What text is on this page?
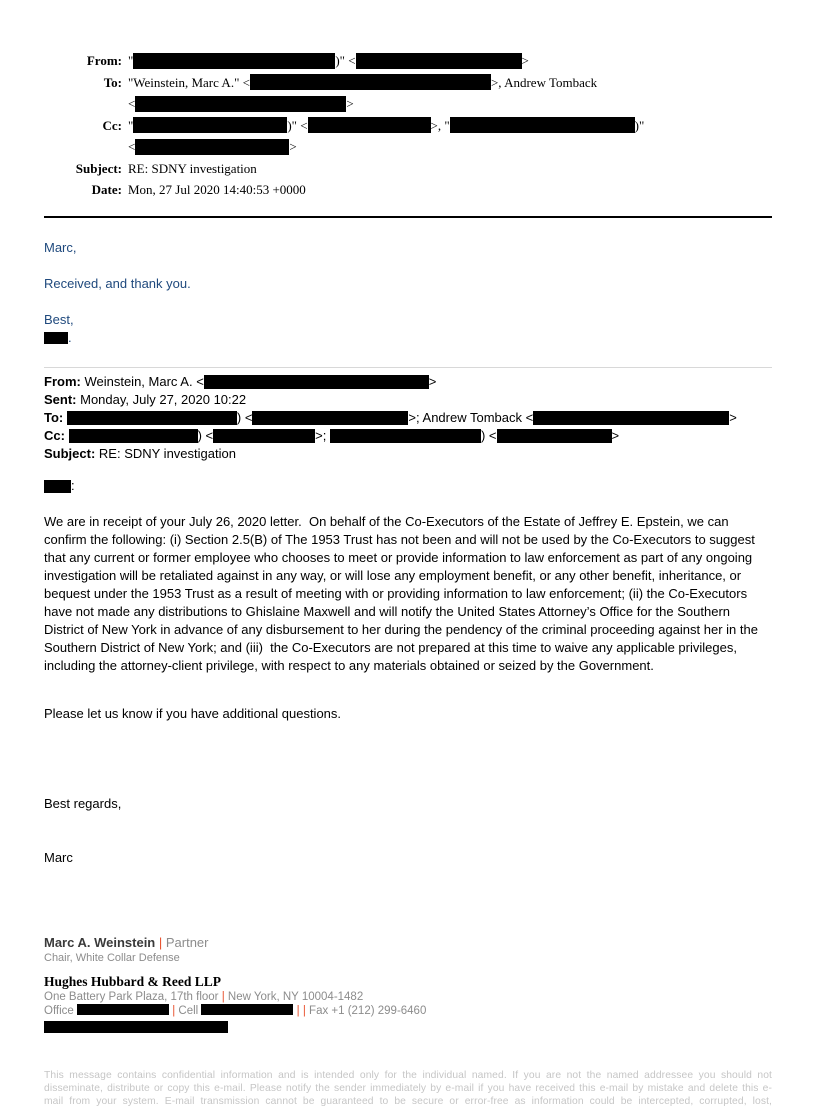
From: "	)" <	>
To: "Weinstein, Marc A." <	>, Andrew Tomback
<	>
Cc: "	)" <	>, "	)"
<	>
Subject: RE: SDNY investigation
Date: Mon, 27 Jul 2020 14:40:53 +0000
Marc,
Received, and thank you.
Best,
.
From: Weinstein, Marc A. <	>
Sent: Monday, July 27, 2020 10:22
To:	) <	>; Andrew Tomback <	>
Cc:	) <	>;	) <	>
Subject: RE: SDNY investigation
:
We are in receipt of your July 26, 2020 letter.  On behalf of the Co-Executors of the Estate of Jeffrey E. Epstein, we can confirm the following: (i) Section 2.5(B) of The 1953 Trust has not been and will not be used by the Co-Executors to suggest that any current or former employee who chooses to meet or provide information to law enforcement as part of any ongoing investigation will be retaliated against in any way, or will lose any employment benefit, or any other benefit, inheritance, or bequest under the 1953 Trust as a result of meeting with or providing information to law enforcement; (ii) the Co-Executors have not made any distributions to Ghislaine Maxwell and will notify the United States Attorney’s Office for the Southern District of New York in advance of any disbursement to her during the pendency of the criminal proceeding against her in the Southern District of New York; and (iii)  the Co-Executors are not prepared at this time to waive any applicable privileges, including the attorney-client privilege, with respect to any materials obtained or seized by the Government.
Please let us know if you have additional questions.

Best regards,

Marc

Marc A. Weinstein | Partner
Chair, White Collar Defense
Hughes Hubbard & Reed LLP
One Battery Park Plaza, 17th floor | New York, NY 10004-1482
Office	| Cell	| | Fax +1 (212) 299-6460
This message contains confidential information and is intended only for the individual named. If you are not the named addressee you should not
disseminate, distribute or copy this e-mail. Please notify the sender immediately by e-mail if you have received this e-mail by mistake and delete this e-
mail from your system. E-mail transmission cannot be guaranteed to be secure or error-free as information could be intercepted, corrupted, lost,
